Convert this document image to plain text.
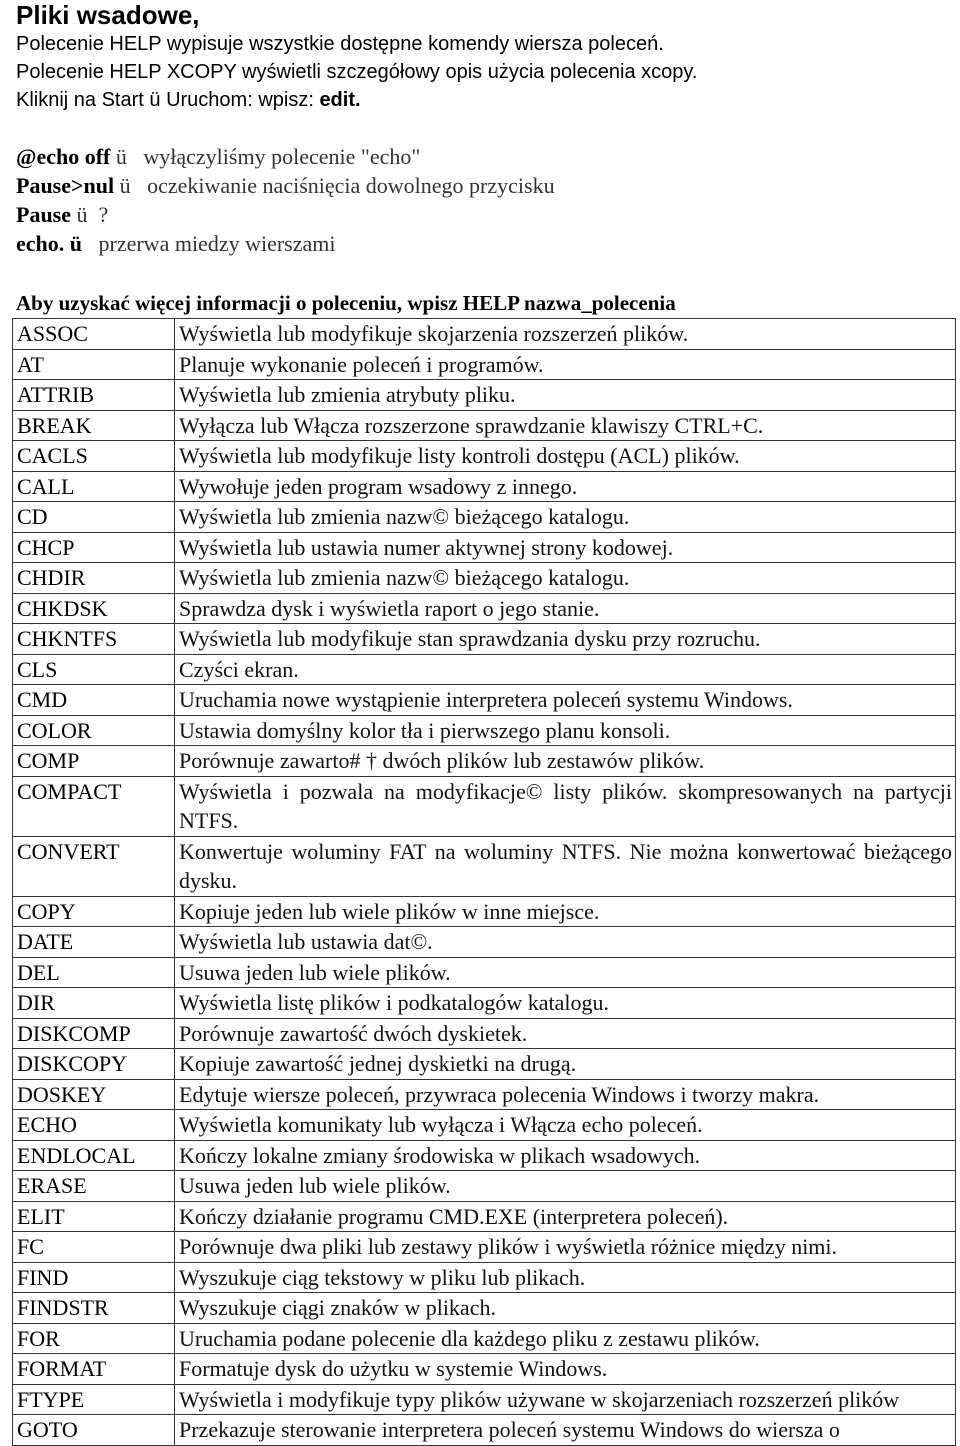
Pliki wsadowe,
Polecenie HELP wypisuje wszystkie dostępne komendy wiersza poleceń.
Polecenie HELP XCOPY wyświetli szczegółowy opis użycia polecenia xcopy.
Kliknij na Start ü Uruchom: wpisz: edit.
@echo off ü   wyłączyliśmy polecenie "echo"
Pause>nul ü   oczekiwanie naciśnięcia dowolnego przycisku
Pause ü  ?
echo. ü przerwa miedzy wierszami
Aby uzyskać więcej informacji o poleceniu, wpisz HELP nazwa_polecenia
ASSOC	Wyświetla lub modyfikuje skojarzenia rozszerzeń plików.
AT	Planuje wykonanie poleceń i programów.
ATTRIB	Wyświetla lub zmienia atrybuty pliku.
BREAK	Wyłącza lub Włącza rozszerzone sprawdzanie klawiszy CTRL+C.
CACLS	Wyświetla lub modyfikuje listy kontroli dostępu (ACL) plików.
CALL	Wywołuje jeden program wsadowy z innego.
CD	Wyświetla lub zmienia nazw© bieżącego katalogu.
CHCP	Wyświetla lub ustawia numer aktywnej strony kodowej.
CHDIR	Wyświetla lub zmienia nazw© bieżącego katalogu.
CHKDSK	Sprawdza dysk i wyświetla raport o jego stanie.
CHKNTFS	Wyświetla lub modyfikuje stan sprawdzania dysku przy rozruchu.
CLS	Czyści ekran.
CMD	Uruchamia nowe wystąpienie interpretera poleceń systemu Windows.
COLOR	Ustawia domyślny kolor tła i pierwszego planu konsoli.
COMP	Porównuje zawarto# † dwóch plików lub zestawów plików.
COMPACT	Wyświetla i pozwala na modyfikacje© listy plików. skompresowanych na partycji NTFS.
CONVERT	Konwertuje woluminy FAT na woluminy NTFS. Nie można konwertować bieżącego dysku.
COPY	Kopiuje jeden lub wiele plików w inne miejsce.
DATE	Wyświetla lub ustawia dat©.
DEL	Usuwa jeden lub wiele plików.
DIR	Wyświetla listę plików i podkatalogów katalogu.
DISKCOMP	Porównuje zawartość dwóch dyskietek.
DISKCOPY	Kopiuje zawartość jednej dyskietki na drugą.
DOSKEY	Edytuje wiersze poleceń, przywraca polecenia Windows i tworzy makra.
ECHO	Wyświetla komunikaty lub wyłącza i Włącza echo poleceń.
ENDLOCAL	Kończy lokalne zmiany środowiska w plikach wsadowych.
ERASE	Usuwa jeden lub wiele plików.
ELIT	Kończy działanie programu CMD.EXE (interpretera poleceń).
FC	Porównuje dwa pliki lub zestawy plików i wyświetla różnice między nimi.
FIND	Wyszukuje ciąg tekstowy w pliku lub plikach.
FINDSTR	Wyszukuje ciągi znaków w plikach.
FOR	Uruchamia podane polecenie dla każdego pliku z zestawu plików.
FORMAT	Formatuje dysk do użytku w systemie Windows.
FTYPE	Wyświetla i modyfikuje typy plików używane w skojarzeniach rozszerzeń plików
GOTO	Przekazuje sterowanie interpretera poleceń systemu Windows do wiersza o
